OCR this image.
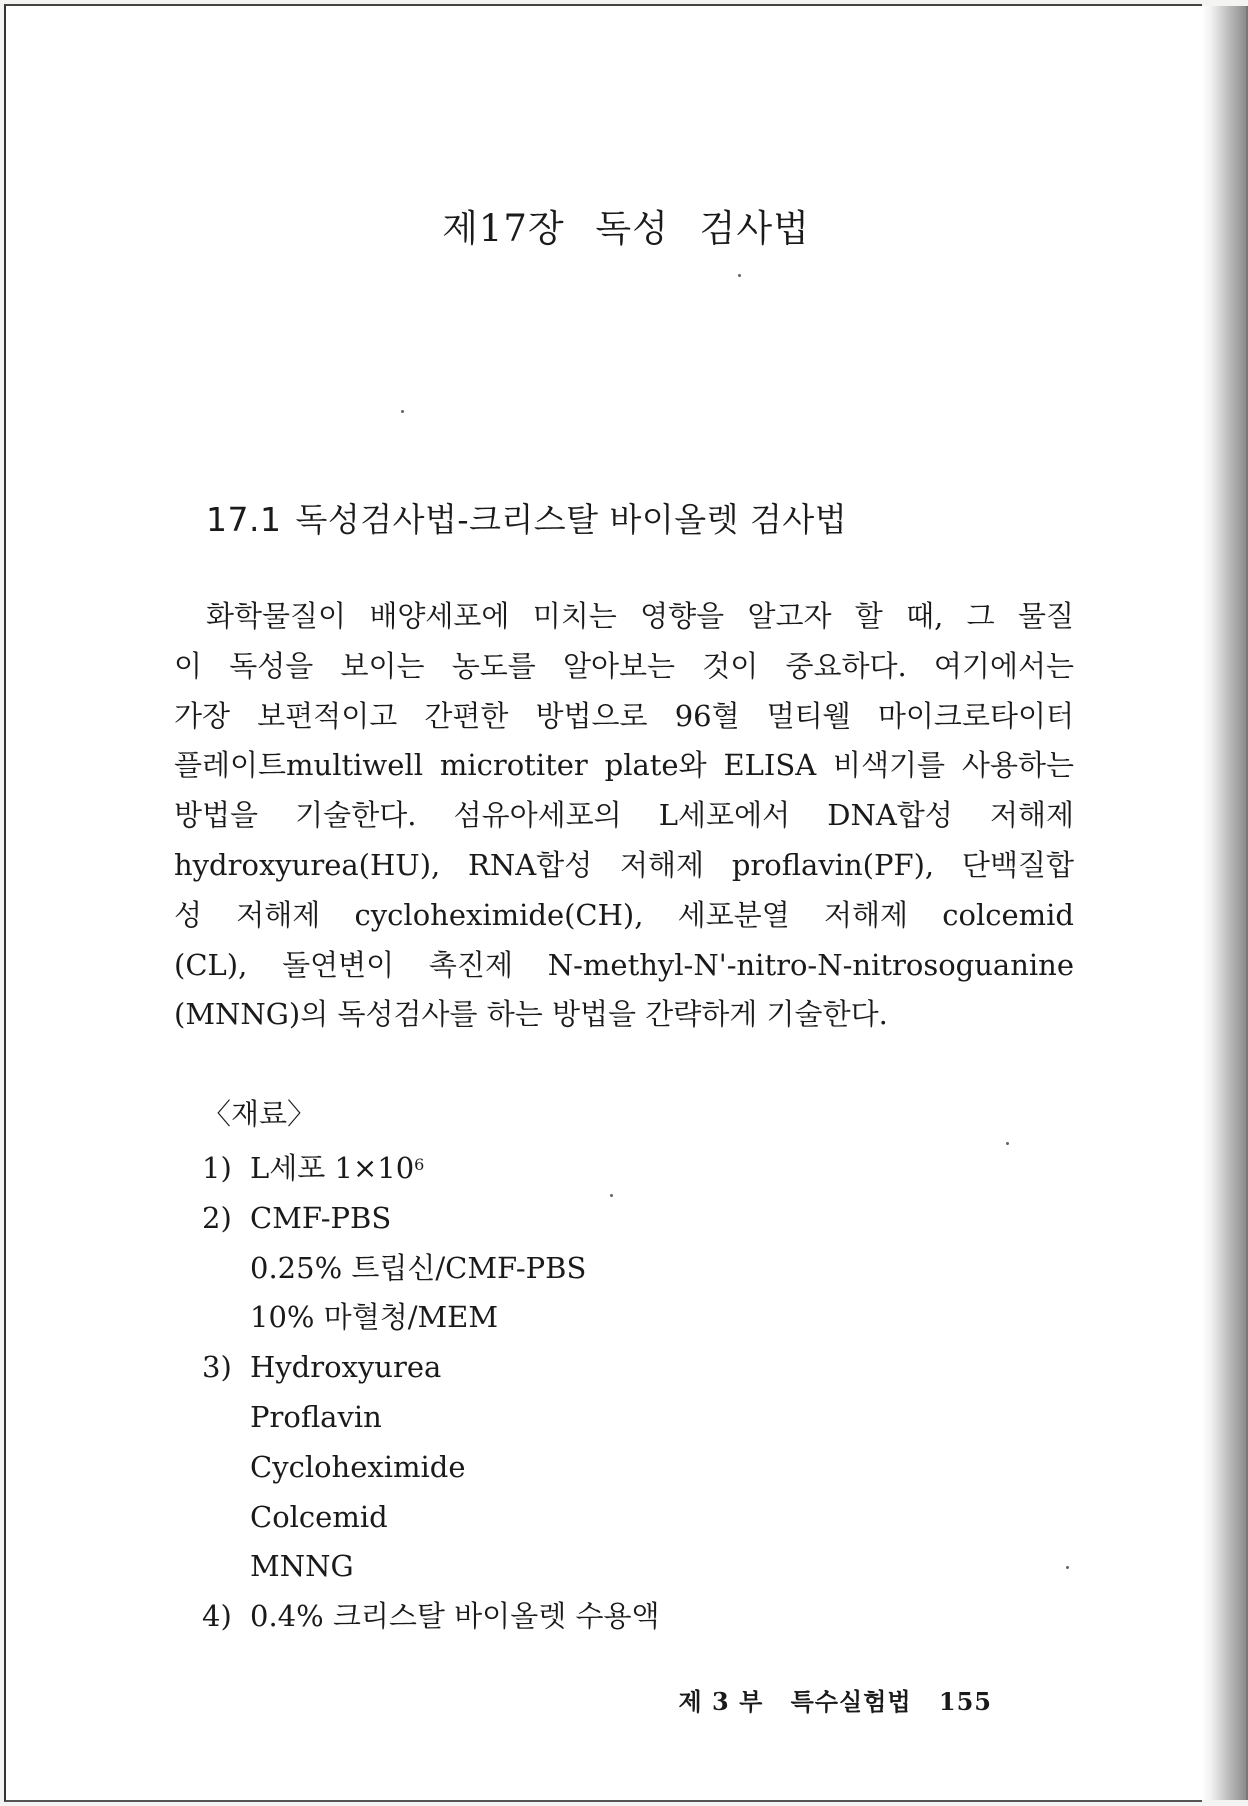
제17장 독성 검사법
17.1 독성검사법-크리스탈 바이올렛 검사법
화학물질이 배양세포에 미치는 영향을 알고자 할 때, 그 물질
이 독성을 보이는 농도를 알아보는 것이 중요하다. 여기에서는
가장 보편적이고 간편한 방법으로 96혈 멀티웰 마이크로타이터
플레이트multiwell microtiter plate와 ELISA 비색기를 사용하는
방법을 기술한다. 섬유아세포의 L세포에서 DNA합성 저해제
hydroxyurea(HU), RNA합성 저해제 proflavin(PF), 단백질합
성 저해제 cycloheximide(CH), 세포분열 저해제 colcemid
(CL), 돌연변이 촉진제 N-methyl-N'-nitro-N-nitrosoguanine
(MNNG)의 독성검사를 하는 방법을 간략하게 기술한다.
〈재료〉
1) L세포 $1\times 10^6$
2) CMF-PBS
0.25% 트립신/CMF-PBS
10% 마혈청/MEM
3) Hydroxyurea
Proflavin
Cycloheximide
Colcemid
MNNG
4) 0.4% 크리스탈 바이올렛 수용액
제 3 부 특수실험법 155
